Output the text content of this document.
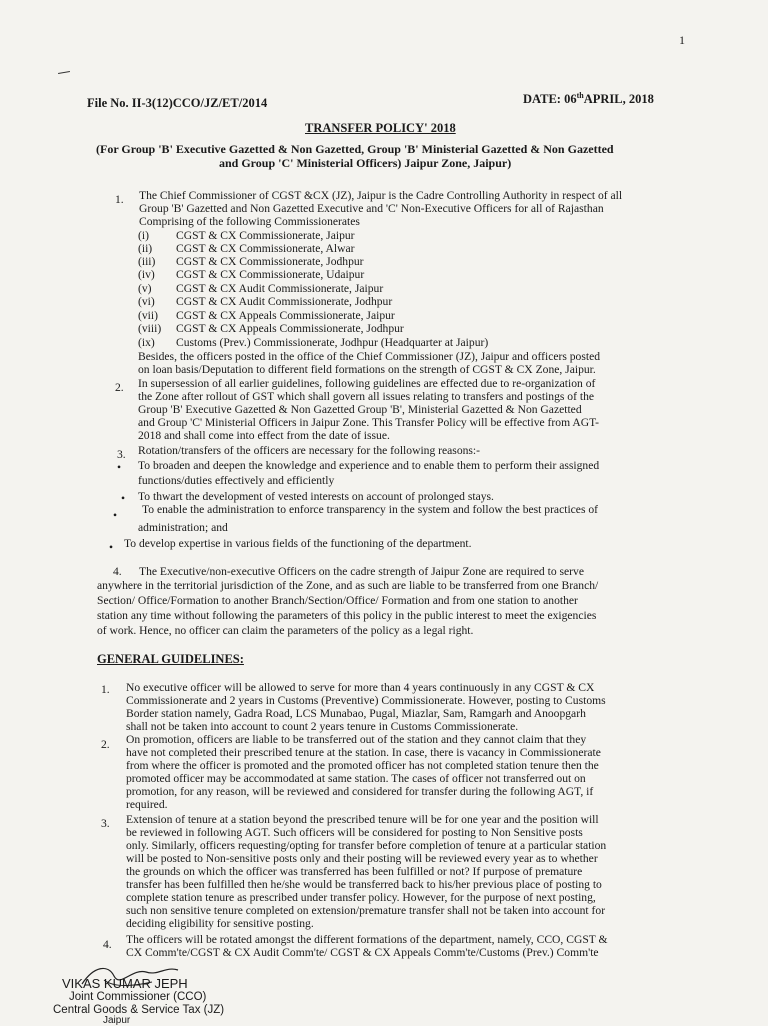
1
File No. II-3(12)CCO/JZ/ET/2014	DATE: 06thAPRIL, 2018
TRANSFER POLICY' 2018
(For Group 'B' Executive Gazetted & Non Gazetted, Group 'B' Ministerial Gazetted & Non Gazetted
and Group 'C' Ministerial Officers) Jaipur Zone, Jaipur)
1. The Chief Commissioner of CGST &CX (JZ), Jaipur is the Cadre Controlling Authority in respect of all
Group 'B' Gazetted and Non Gazetted Executive and 'C' Non-Executive Officers for all of Rajasthan
Comprising of the following Commissionerates
(i) CGST & CX Commissionerate, Jaipur
(ii) CGST & CX Commissionerate, Alwar
(iii) CGST & CX Commissionerate, Jodhpur
(iv) CGST & CX Commissionerate, Udaipur
(v) CGST & CX Audit Commissionerate, Jaipur
(vi) CGST & CX Audit Commissionerate, Jodhpur
(vii) CGST & CX Appeals Commissionerate, Jaipur
(viii) CGST & CX Appeals Commissionerate, Jodhpur
(ix) Customs (Prev.) Commissionerate, Jodhpur (Headquarter at Jaipur)
Besides, the officers posted in the office of the Chief Commissioner (JZ), Jaipur and officers posted
on loan basis/Deputation to different field formations on the strength of CGST & CX Zone, Jaipur.
2. In supersession of all earlier guidelines, following guidelines are effected due to re-organization of
the Zone after rollout of GST which shall govern all issues relating to transfers and postings of the
Group 'B' Executive Gazetted & Non Gazetted Group 'B', Ministerial Gazetted & Non Gazetted
and Group 'C' Ministerial Officers in Jaipur Zone. This Transfer Policy will be effective from AGT-
2018 and shall come into effect from the date of issue.
3. Rotation/transfers of the officers are necessary for the following reasons:-
• To broaden and deepen the knowledge and experience and to enable them to perform their assigned
functions/duties effectively and efficiently
• To thwart the development of vested interests on account of prolonged stays.
• To enable the administration to enforce transparency in the system and follow the best practices of
administration; and
• To develop expertise in various fields of the functioning of the department.
4. The Executive/non-executive Officers on the cadre strength of Jaipur Zone are required to serve
anywhere in the territorial jurisdiction of the Zone, and as such are liable to be transferred from one Branch/
Section/ Office/Formation to another Branch/Section/Office/ Formation and from one station to another
station any time without following the parameters of this policy in the public interest to meet the exigencies
of work. Hence, no officer can claim the parameters of the policy as a legal right.
GENERAL GUIDELINES:
1. No executive officer will be allowed to serve for more than 4 years continuously in any CGST & CX
Commissionerate and 2 years in Customs (Preventive) Commissionerate. However, posting to Customs
Border station namely, Gadra Road, LCS Munabao, Pugal, Miazlar, Sam, Ramgarh and Anoopgarh
shall not be taken into account to count 2 years tenure in Customs Commissionerate.
2. On promotion, officers are liable to be transferred out of the station and they cannot claim that they
have not completed their prescribed tenure at the station. In case, there is vacancy in Commissionerate
from where the officer is promoted and the promoted officer has not completed station tenure then the
promoted officer may be accommodated at same station. The cases of officer not transferred out on
promotion, for any reason, will be reviewed and considered for transfer during the following AGT, if
required.
3. Extension of tenure at a station beyond the prescribed tenure will be for one year and the position will
be reviewed in following AGT. Such officers will be considered for posting to Non Sensitive posts
only. Similarly, officers requesting/opting for transfer before completion of tenure at a particular station
will be posted to Non-sensitive posts only and their posting will be reviewed every year as to whether
the grounds on which the officer was transferred has been fulfilled or not? If purpose of premature
transfer has been fulfilled then he/she would be transferred back to his/her previous place of posting to
complete station tenure as prescribed under transfer policy. However, for the purpose of next posting,
such non sensitive tenure completed on extension/premature transfer shall not be taken into account for
deciding eligibility for sensitive posting.
4. The officers will be rotated amongst the different formations of the department, namely, CCO, CGST &
CX Comm'te/CGST & CX Audit Comm'te/ CGST & CX Appeals Comm'te/Customs (Prev.) Comm'te
VIKAS KUMAR JEPH
Joint Commissioner (CCO)
Central Goods & Service Tax (JZ)
Jaipur
